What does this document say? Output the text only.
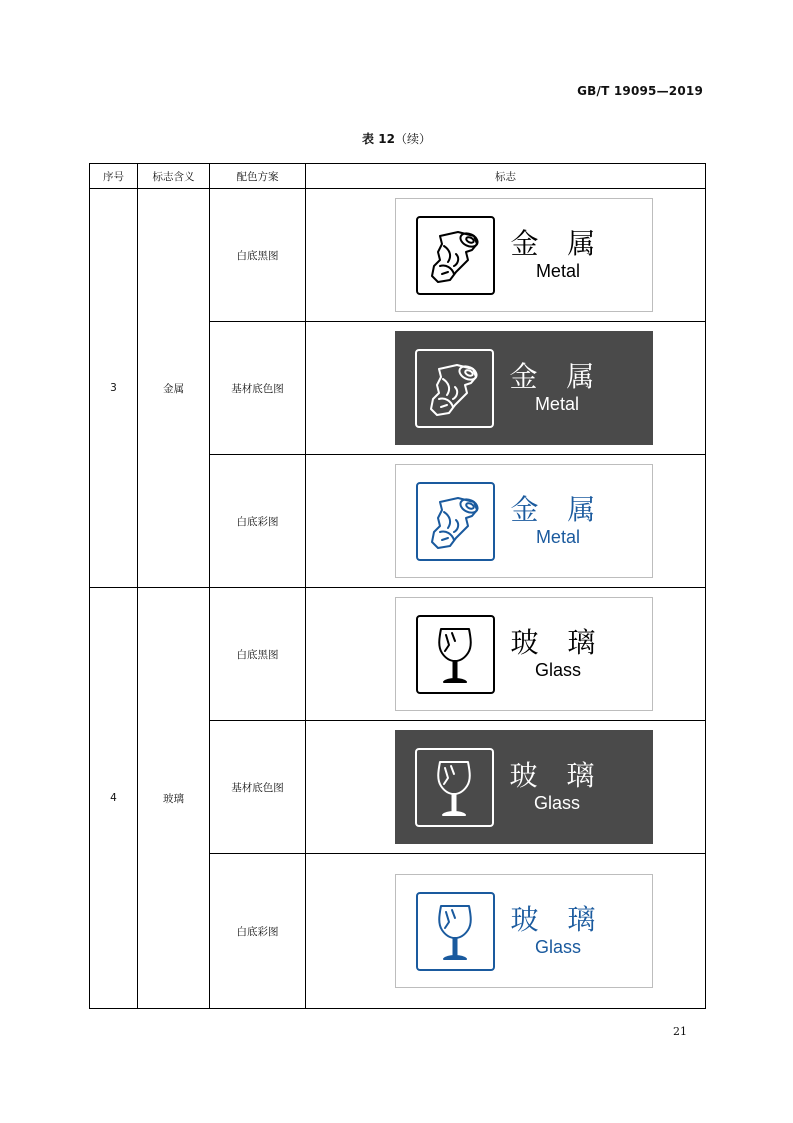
GB/T 19095—2019
表 12（续）
序号	标志含义	配色方案	标志
3	金属	白底黑图	金 属
Metal

		基材底色图	金 属
Metal

		白底彩图	金 属
Metal

4	玻璃	白底黑图	玻 璃
Glass

		基材底色图	玻 璃
Glass

		白底彩图	玻 璃
Glass
21
